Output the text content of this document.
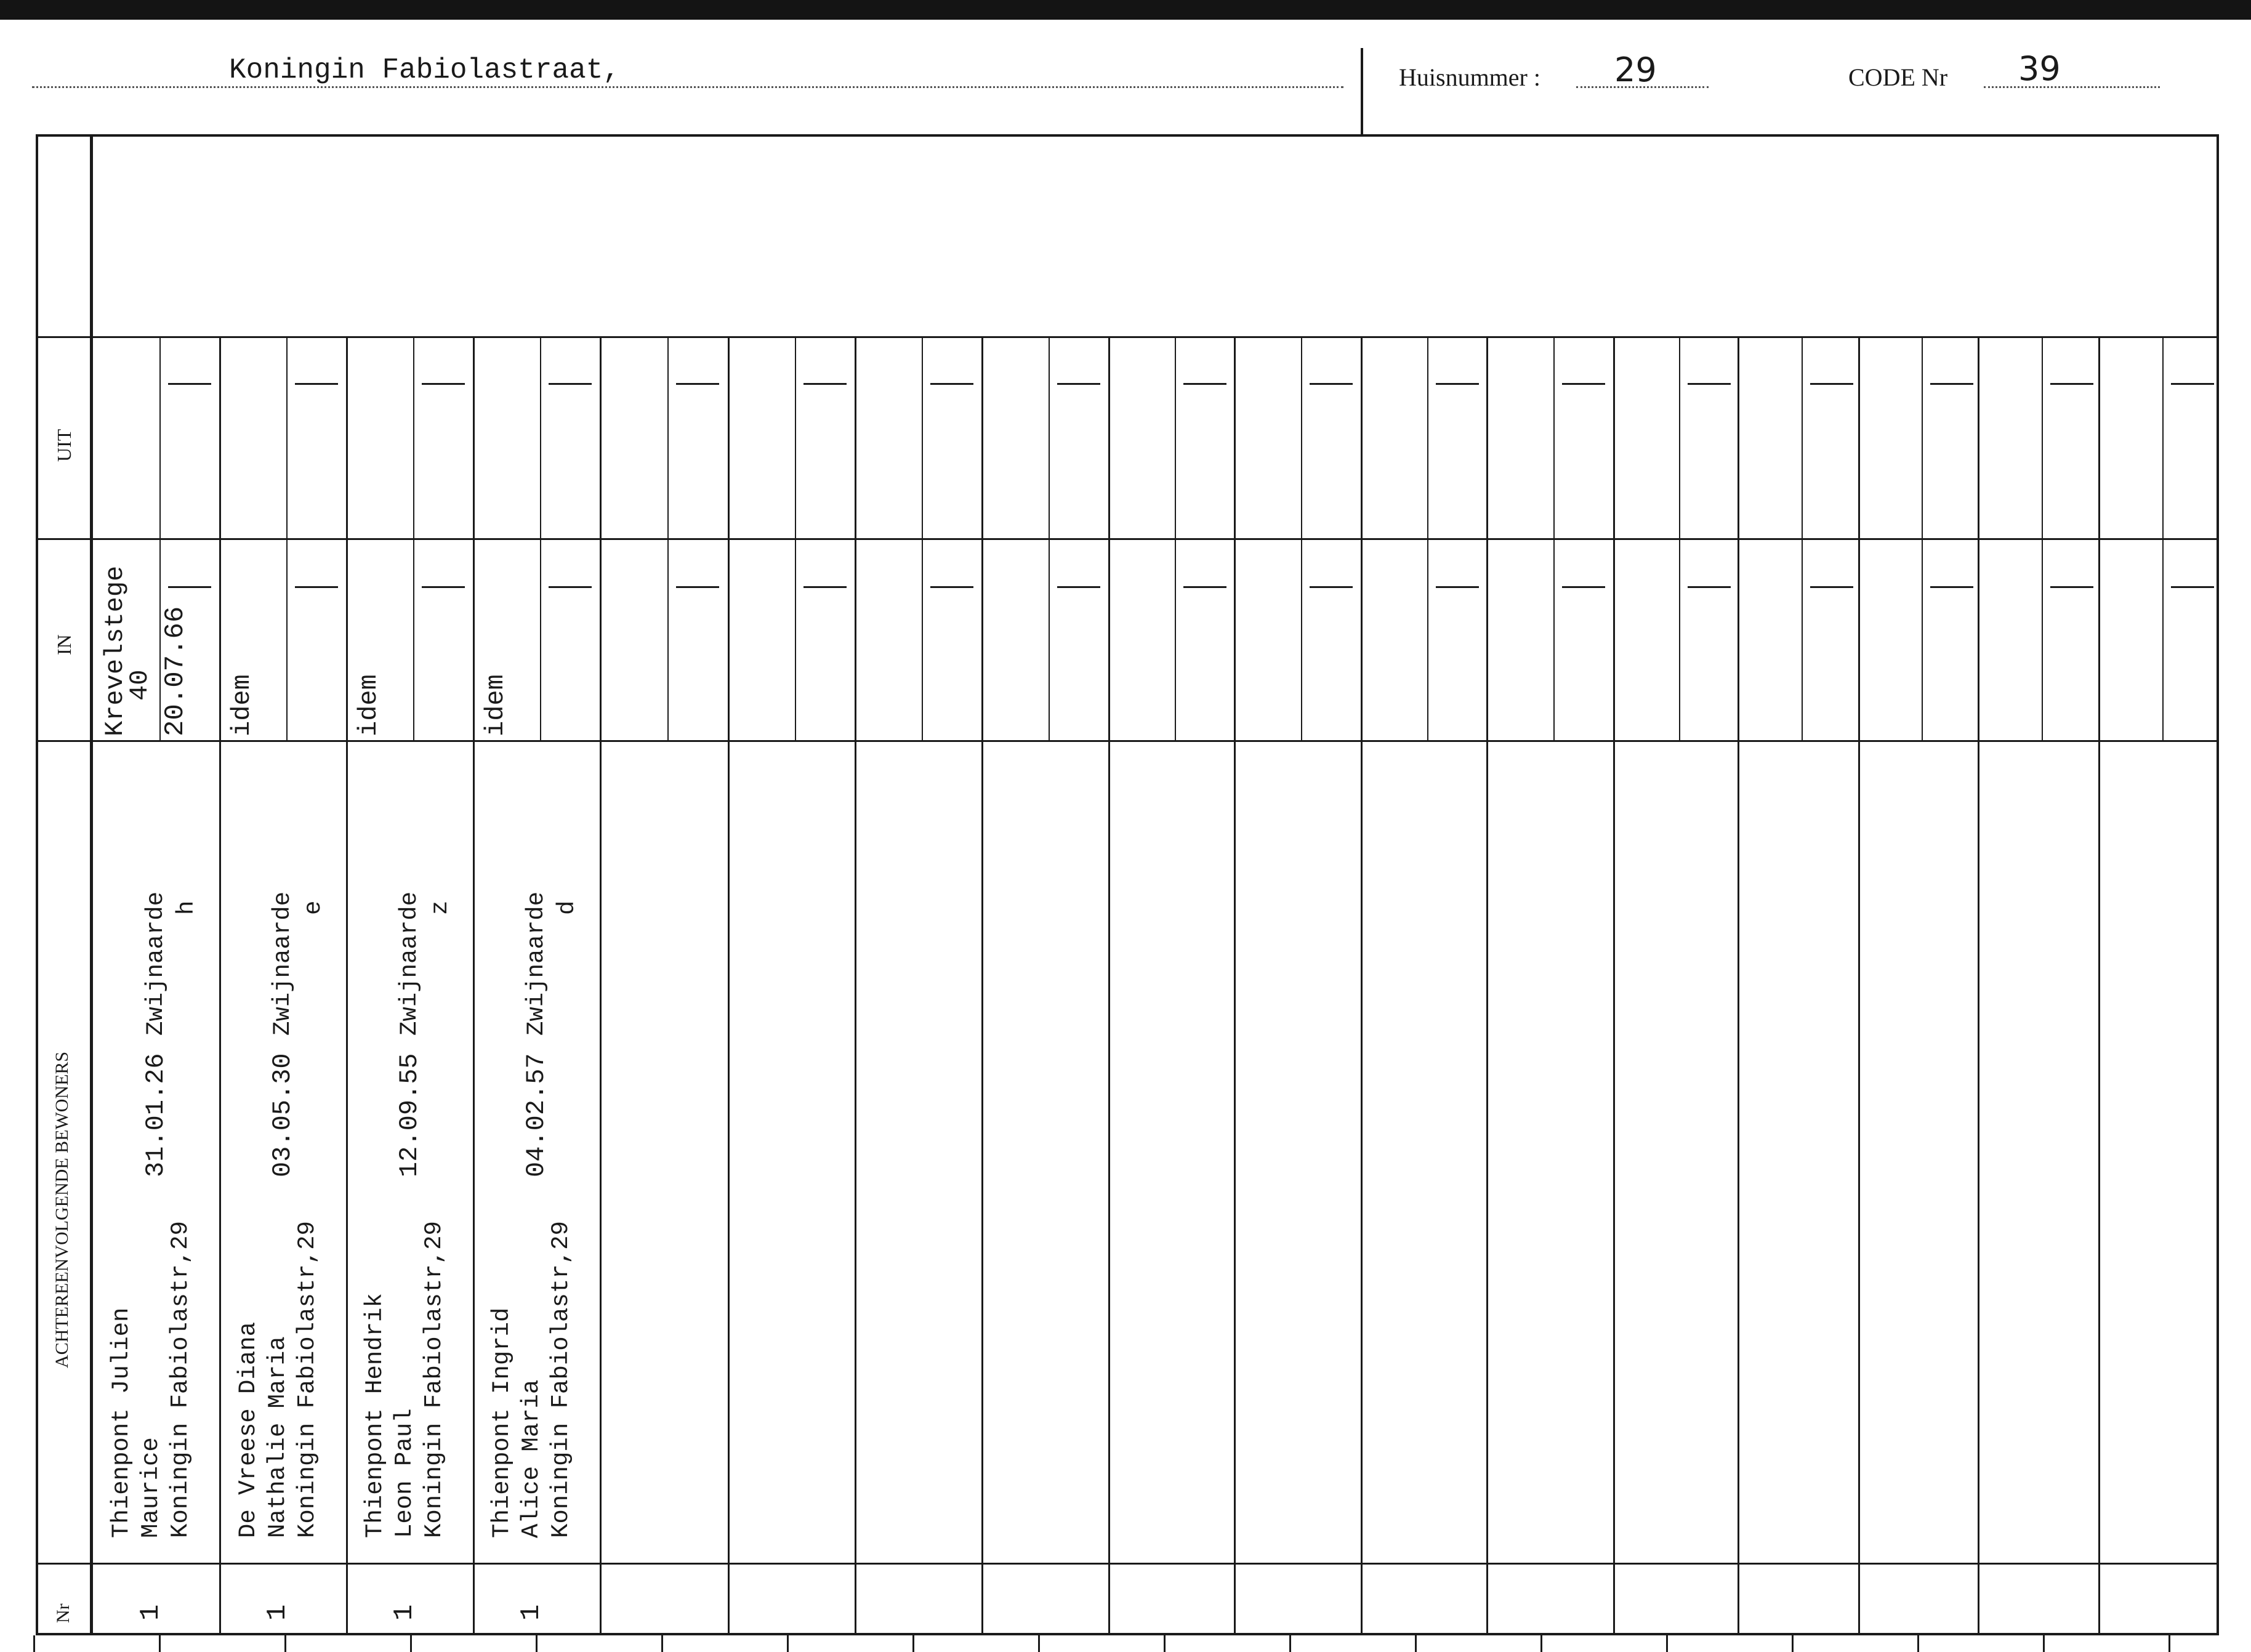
Koningin Fabiolastraat,	Huisnummer : 29	CODE Nr 39
UIT
IN
ACHTEREENVOLGENDE BEWONERS
Nr
Thienpont Julien Maurice Koningin Fabiolastr,29
31.01.26
Zwijnaarde h
Krevelstege
40 20.07.66
1
De Vreese Diana Nathalie Maria Koningin Fabiolastr,29
03.05.30
Zwijnaarde e
idem
1
Thienpont Hendrik Leon Paul Koningin Fabiolastr,29
12.09.55
Zwijnaarde z
idem
1
Thienpont Ingrid Alice Maria Koningin Fabiolastr,29
04.02.57
Zwijnaarde d
idem
1
